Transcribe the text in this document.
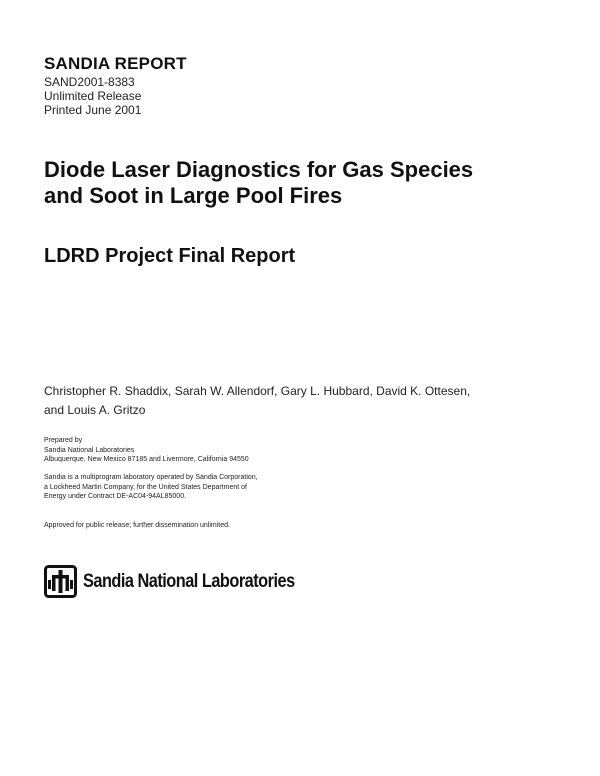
SANDIA REPORT
SAND2001-8383
Unlimited Release
Printed June 2001
Diode Laser Diagnostics for Gas Species
and Soot in Large Pool Fires
LDRD Project Final Report
Christopher R. Shaddix, Sarah W. Allendorf, Gary L. Hubbard, David K. Ottesen,
and Louis A. Gritzo
Prepared by
Sandia National Laboratories
Albuquerque, New Mexico 87185 and Livermore, California 94550
Sandia is a multiprogram laboratory operated by Sandia Corporation,
a Lockheed Martin Company, for the United States Department of
Energy under Contract DE-AC04-94AL85000.
Approved for public release; further dissemination unlimited.
Sandia National Laboratories
